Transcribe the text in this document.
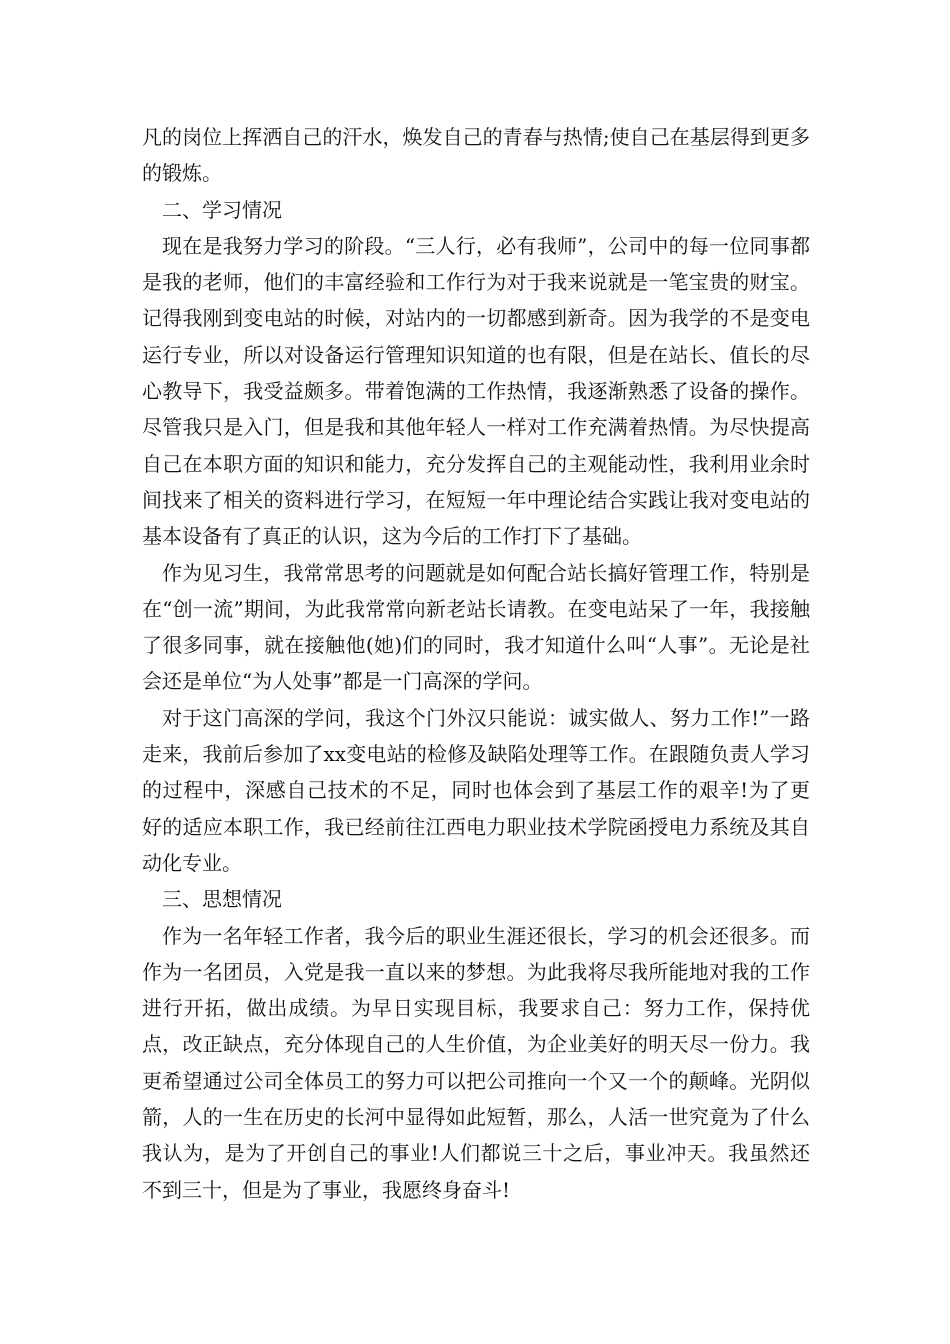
凡的岗位上挥洒自己的汗水，焕发自己的青春与热情;使自己在基层得到更多的锻炼。

二、学习情况

现在是我努力学习的阶段。“三人行，必有我师”，公司中的每一位同事都是我的老师，他们的丰富经验和工作行为对于我来说就是一笔宝贵的财宝。记得我刚到变电站的时候，对站内的一切都感到新奇。因为我学的不是变电运行专业，所以对设备运行管理知识知道的也有限，但是在站长、值长的尽心教导下，我受益颇多。带着饱满的工作热情，我逐渐熟悉了设备的操作。尽管我只是入门，但是我和其他年轻人一样对工作充满着热情。为尽快提高自己在本职方面的知识和能力，充分发挥自己的主观能动性，我利用业余时间找来了相关的资料进行学习，在短短一年中理论结合实践让我对变电站的基本设备有了真正的认识，这为今后的工作打下了基础。

作为见习生，我常常思考的问题就是如何配合站长搞好管理工作，特别是在“创一流”期间，为此我常常向新老站长请教。在变电站呆了一年，我接触了很多同事，就在接触他(她)们的同时，我才知道什么叫“人事”。无论是社会还是单位“为人处事”都是一门高深的学问。

对于这门高深的学问，我这个门外汉只能说：诚实做人、努力工作!”一路走来，我前后参加了xx变电站的检修及缺陷处理等工作。在跟随负责人学习的过程中，深感自己技术的不足，同时也体会到了基层工作的艰辛!为了更好的适应本职工作，我已经前往江西电力职业技术学院函授电力系统及其自动化专业。

三、思想情况

作为一名年轻工作者，我今后的职业生涯还很长，学习的机会还很多。而作为一名团员，入党是我一直以来的梦想。为此我将尽我所能地对我的工作进行开拓，做出成绩。为早日实现目标，我要求自己：努力工作，保持优点，改正缺点，充分体现自己的人生价值，为企业美好的明天尽一份力。我更希望通过公司全体员工的努力可以把公司推向一个又一个的颠峰。光阴似箭，人的一生在历史的长河中显得如此短暂，那么，人活一世究竟为了什么我认为，是为了开创自己的事业!人们都说三十之后，事业冲天。我虽然还不到三十，但是为了事业，我愿终身奋斗!
